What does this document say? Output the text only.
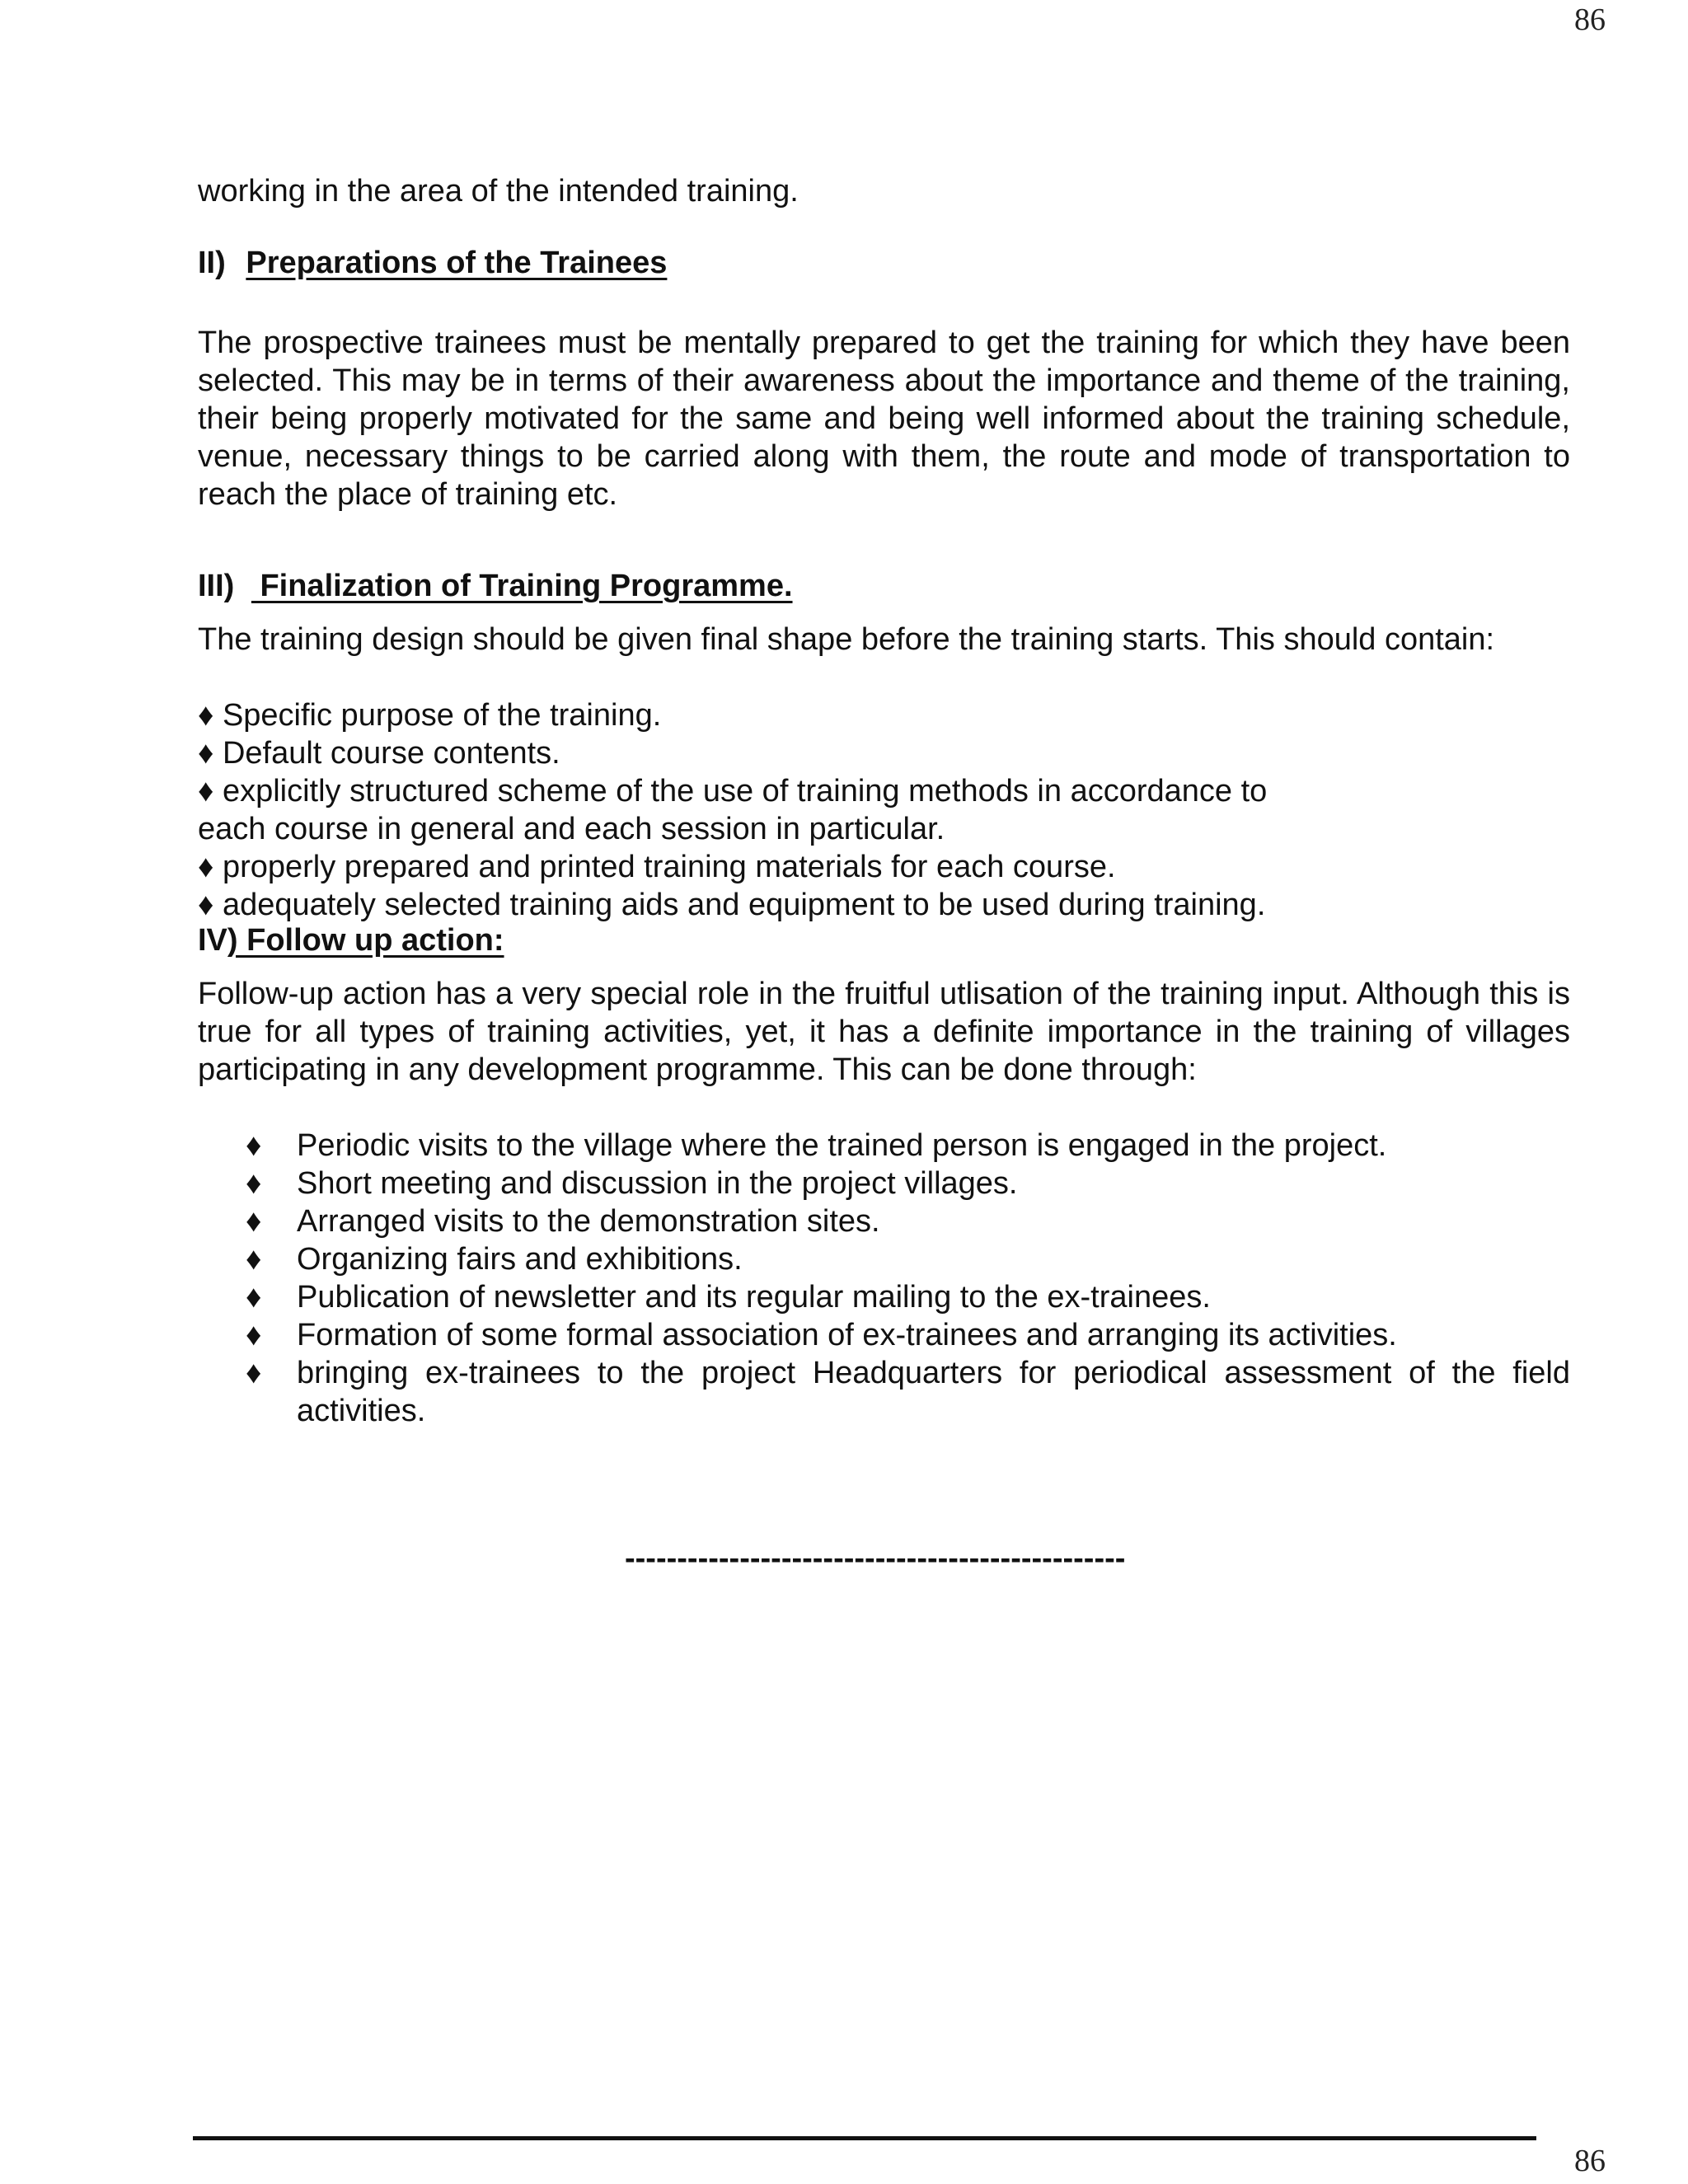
86

working in the area of the intended training.

II) Preparations of the Trainees

The prospective trainees must be mentally prepared to get the training for which they have been selected. This may be in terms of their awareness about the importance and theme of the training, their being properly motivated for the same and being well informed about the training schedule, venue, necessary things to be carried along with them, the route and mode of transportation to reach the place of training etc.

III)  Finalization of Training Programme.

The training design should be given final shape before the training starts. This should contain:

♦ Specific purpose of the training.

♦ Default course contents.

♦ explicitly structured scheme of the use of training methods in accordance to

each course in general and each session in particular.

♦ properly prepared and printed training materials for each course.

♦ adequately selected training aids and equipment to be used during training.

IV) Follow up action:

Follow-up action has a very special role in the fruitful utlisation of the training input. Although this is true for all types of training activities, yet, it has a definite importance in the training of villages participating in any development programme. This can be done through:

♦ Periodic visits to the village where the trained person is engaged in the project.
♦ Short meeting and discussion in the project villages.
♦ Arranged visits to the demonstration sites.
♦ Organizing fairs and exhibitions.
♦ Publication of newsletter and its regular mailing to the ex-trainees.
♦ Formation of some formal association of ex-trainees and arranging its activities.
♦ bringing ex-trainees to the project Headquarters for periodical assessment of the field activities.
------------------------------------------------
86
